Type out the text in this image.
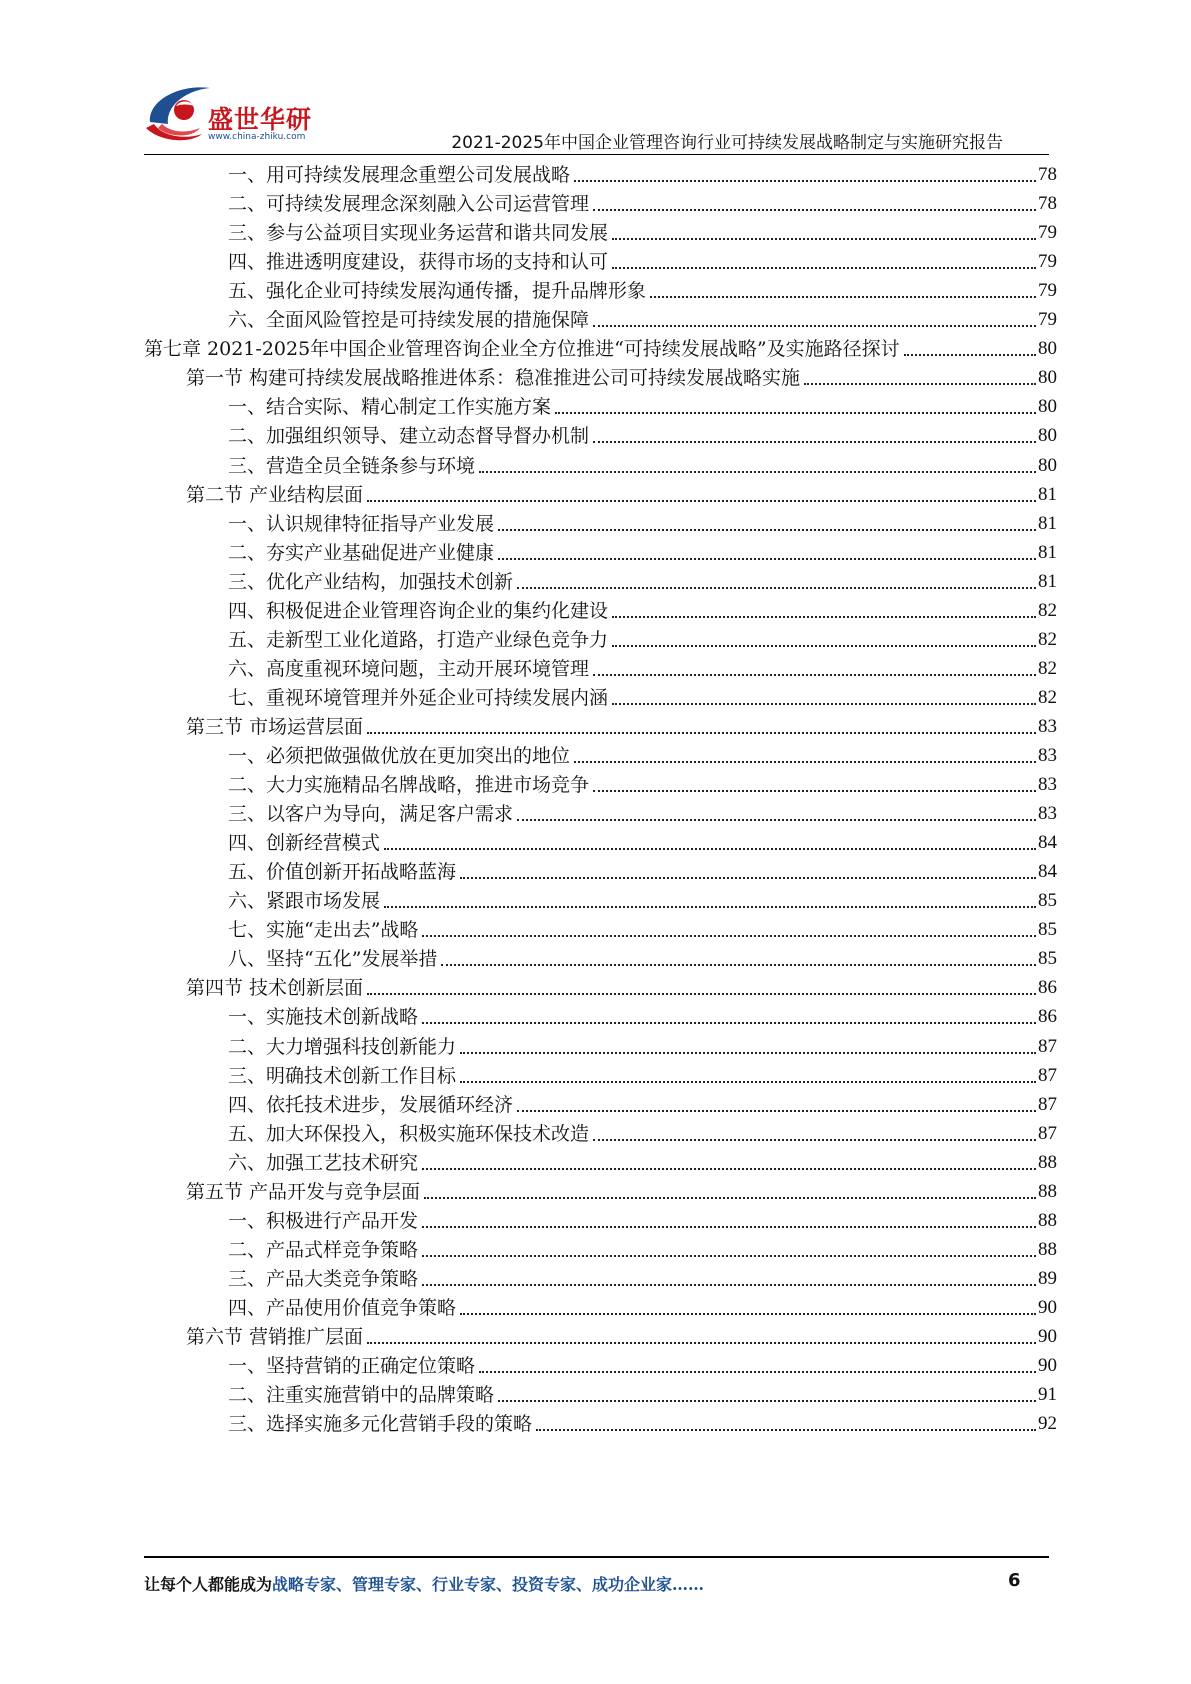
盛世华研
www.china-zhiku.com	2021-2025年中国企业管理咨询行业可持续发展战略制定与实施研究报告
一、用可持续发展理念重塑公司发展战略	78
二、可持续发展理念深刻融入公司运营管理	78
三、参与公益项目实现业务运营和谐共同发展	79
四、推进透明度建设，获得市场的支持和认可	79
五、强化企业可持续发展沟通传播，提升品牌形象	79
六、全面风险管控是可持续发展的措施保障	79
第七章 2021-2025年中国企业管理咨询企业全方位推进“可持续发展战略”及实施路径探讨	80
第一节 构建可持续发展战略推进体系：稳准推进公司可持续发展战略实施	80
一、结合实际、精心制定工作实施方案	80
二、加强组织领导、建立动态督导督办机制	80
三、营造全员全链条参与环境	80
第二节 产业结构层面	81
一、认识规律特征指导产业发展	81
二、夯实产业基础促进产业健康	81
三、优化产业结构，加强技术创新	81
四、积极促进企业管理咨询企业的集约化建设	82
五、走新型工业化道路，打造产业绿色竞争力	82
六、高度重视环境问题，主动开展环境管理	82
七、重视环境管理并外延企业可持续发展内涵	82
第三节 市场运营层面	83
一、必须把做强做优放在更加突出的地位	83
二、大力实施精品名牌战略，推进市场竞争	83
三、以客户为导向，满足客户需求	83
四、创新经营模式	84
五、价值创新开拓战略蓝海	84
六、紧跟市场发展	85
七、实施“走出去”战略	85
八、坚持“五化”发展举措	85
第四节 技术创新层面	86
一、实施技术创新战略	86
二、大力增强科技创新能力	87
三、明确技术创新工作目标	87
四、依托技术进步，发展循环经济	87
五、加大环保投入，积极实施环保技术改造	87
六、加强工艺技术研究	88
第五节 产品开发与竞争层面	88
一、积极进行产品开发	88
二、产品式样竞争策略	88
三、产品大类竞争策略	89
四、产品使用价值竞争策略	90
第六节 营销推广层面	90
一、坚持营销的正确定位策略	90
二、注重实施营销中的品牌策略	91
三、选择实施多元化营销手段的策略	92
让每个人都能成为战略专家、管理专家、行业专家、投资专家、成功企业家……	6
